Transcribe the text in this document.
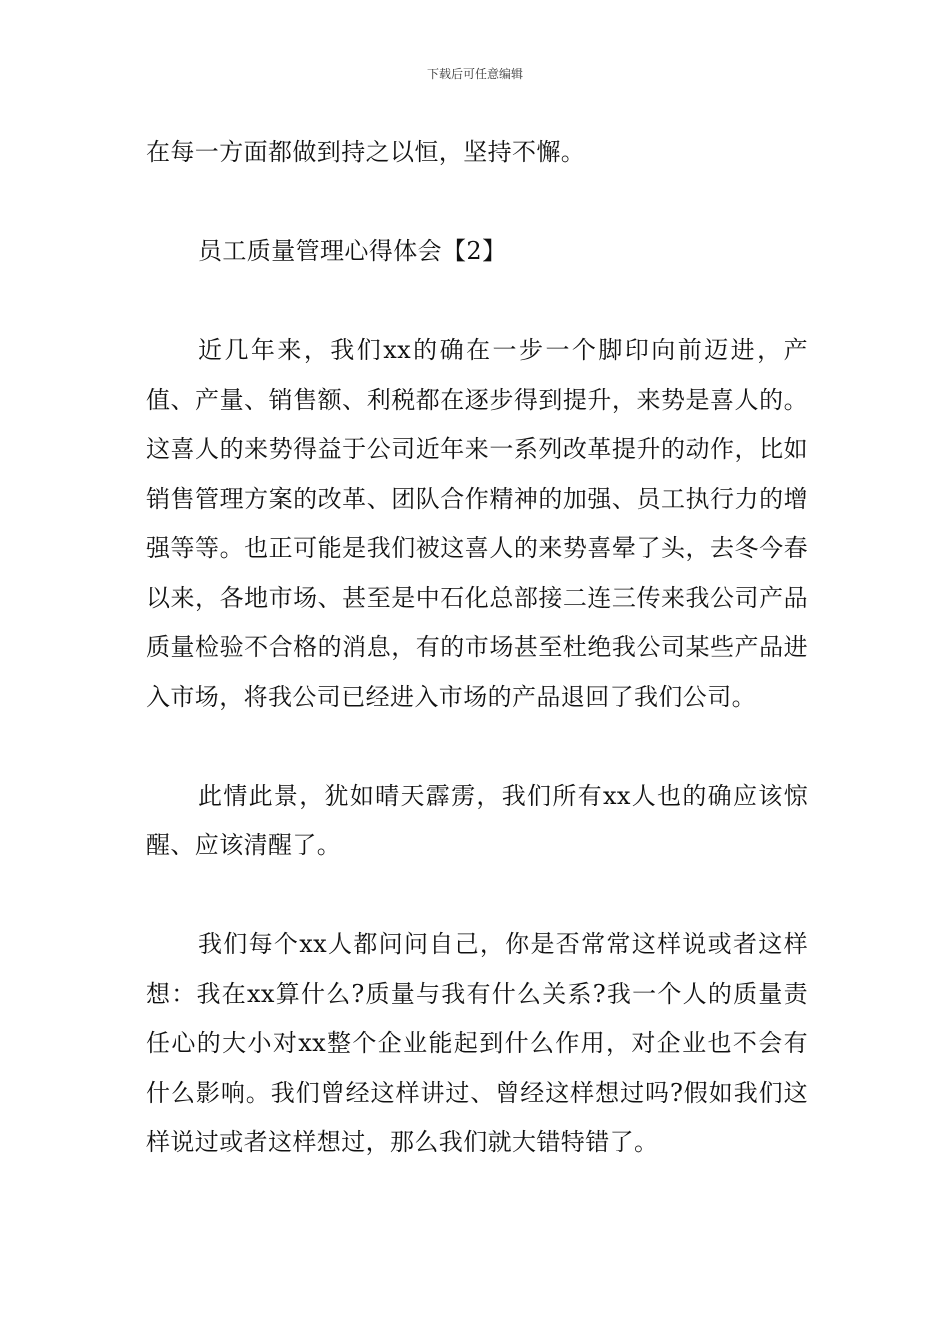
下载后可任意编辑

在每一方面都做到持之以恒，坚持不懈。

员工质量管理心得体会【2】

近几年来，我们xx的确在一步一个脚印向前迈进，产值、产量、销售额、利税都在逐步得到提升，来势是喜人的。这喜人的来势得益于公司近年来一系列改革提升的动作，比如销售管理方案的改革、团队合作精神的加强、员工执行力的增强等等。也正可能是我们被这喜人的来势喜晕了头，去冬今春以来，各地市场、甚至是中石化总部接二连三传来我公司产品质量检验不合格的消息，有的市场甚至杜绝我公司某些产品进入市场，将我公司已经进入市场的产品退回了我们公司。

此情此景，犹如晴天霹雳，我们所有xx人也的确应该惊醒、应该清醒了。

我们每个xx人都问问自己，你是否常常这样说或者这样想：我在xx算什么?质量与我有什么关系?我一个人的质量责任心的大小对xx整个企业能起到什么作用，对企业也不会有什么影响。我们曾经这样讲过、曾经这样想过吗?假如我们这样说过或者这样想过，那么我们就大错特错了。
